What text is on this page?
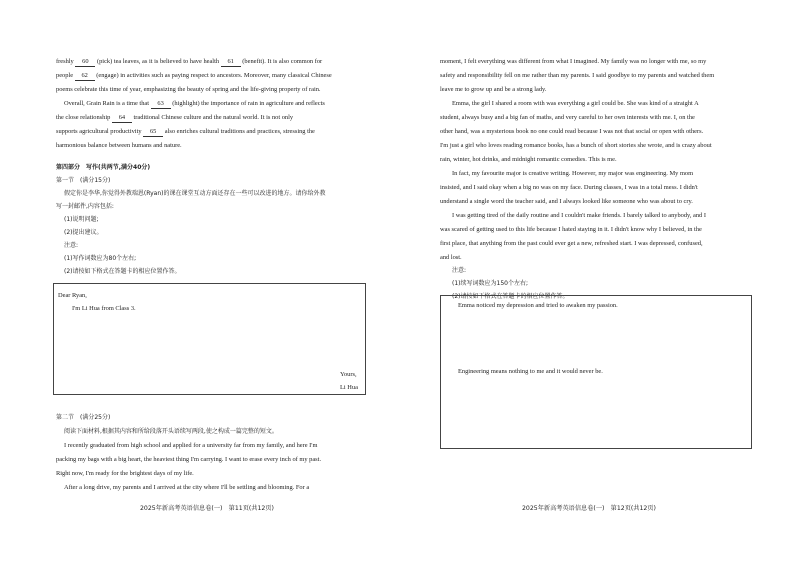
freshly 60 (pick) tea leaves, as it is believed to have health 61 (benefit). It is also common for

people 62 (engage) in activities such as paying respect to ancestors. Moreover, many classical Chinese

poems celebrate this time of year, emphasizing the beauty of spring and the life-giving property of rain.

Overall, Grain Rain is a time that 63 (highlight) the importance of rain in agriculture and reflects

the close relationship 64 traditional Chinese culture and the natural world. It is not only

supports agricultural productivity 65 also enriches cultural traditions and practices, stressing the

harmonious balance between humans and nature.

第四部分　写作(共两节,满分40分)

第一节　(满分15分)

假定你是李华,你觉得外教瑞恩(Ryan)的课在课堂互动方面还存在一些可以改进的地方。请你给外教

写一封邮件,内容包括:

(1)说明问题;

(2)提出建议。

注意:

(1)写作词数应为80个左右;

(2)请按如下格式在答题卡的相应位置作答。

Dear Ryan,

I'm Li Hua from Class 3.

Yours,

Li Hua

第二节　(满分25分)

阅读下面材料,根据其内容和所给段落开头语续写两段,使之构成一篇完整的短文。

I recently graduated from high school and applied for a university far from my family, and here I'm

packing my bags with a big heart, the heaviest thing I'm carrying. I want to erase every inch of my past.

Right now, I'm ready for the brightest days of my life.

After a long drive, my parents and I arrived at the city where I'll be settling and blooming. For a

2025年新高考英语信息卷(一)　第11页(共12页)

moment, I felt everything was different from what I imagined. My family was no longer with me, so my

safety and responsibility fell on me rather than my parents. I said goodbye to my parents and watched them

leave me to grow up and be a strong lady.

Emma, the girl I shared a room with was everything a girl could be. She was kind of a straight A

student, always busy and a big fan of maths, and very careful to her own interests with me. I, on the

other hand, was a mysterious book no one could read because I was not that social or open with others.

I'm just a girl who loves reading romance books, has a bunch of short stories she wrote, and is crazy about

rain, winter, hot drinks, and midnight romantic comedies. This is me.

In fact, my favourite major is creative writing. However, my major was engineering. My mom

insisted, and I said okay when a big no was on my face. During classes, I was in a total mess. I didn't

understand a single word the teacher said, and I always looked like someone who was about to cry.

I was getting tired of the daily routine and I couldn't make friends. I barely talked to anybody, and I

was scared of getting used to this life because I hated staying in it. I didn't know why I believed, in the

first place, that anything from the past could ever get a new, refreshed start. I was depressed, confused,

and lost.

注意:

(1)续写词数应为150个左右;

(2)请按如下格式在答题卡的相应位置作答。

Emma noticed my depression and tried to awaken my passion.

Engineering means nothing to me and it would never be.

2025年新高考英语信息卷(一)　第12页(共12页)
